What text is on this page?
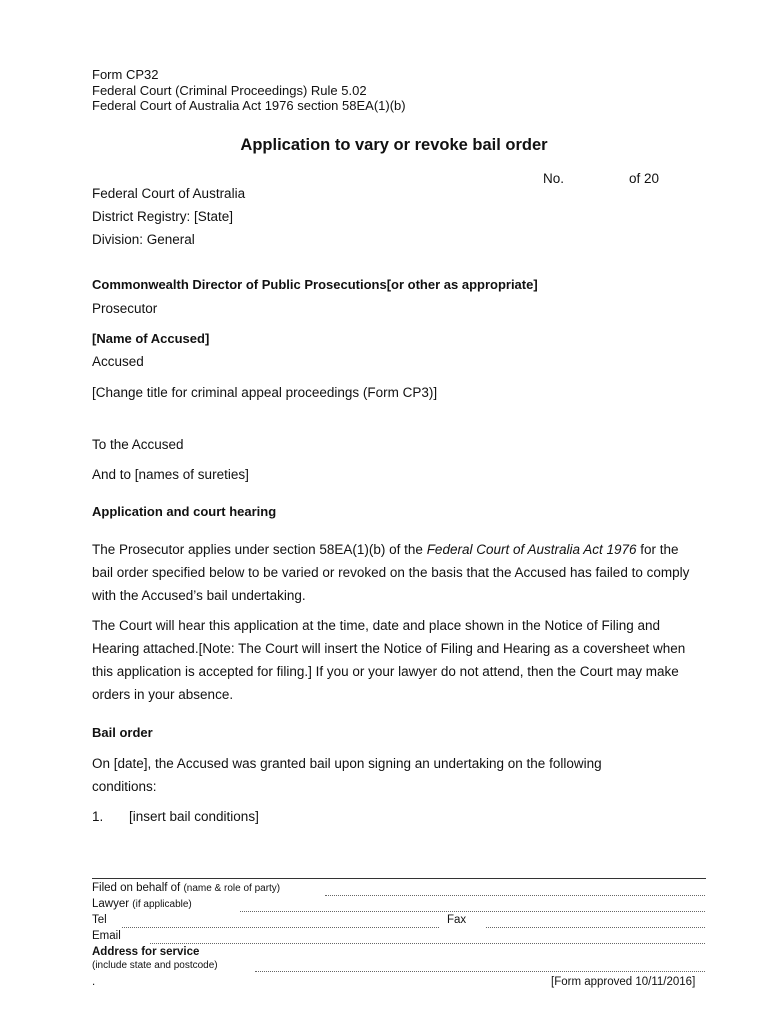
Form CP32
Federal Court (Criminal Proceedings) Rule 5.02
Federal Court of Australia Act 1976 section 58EA(1)(b)
Application to vary or revoke bail order
No.	of 20
Federal Court of Australia
District Registry: [State]
Division: General
Commonwealth Director of Public Prosecutions[or other as appropriate]
Prosecutor
[Name of Accused]
Accused
[Change title for criminal appeal proceedings (Form CP3)]
To the Accused
And to [names of sureties]
Application and court hearing
The Prosecutor applies under section 58EA(1)(b) of the Federal Court of Australia Act 1976 for the bail order specified below to be varied or revoked on the basis that the Accused has failed to comply with the Accused’s bail undertaking.
The Court will hear this application at the time, date and place shown in the Notice of Filing and Hearing attached.[Note: The Court will insert the Notice of Filing and Hearing as a coversheet when this application is accepted for filing.] If you or your lawyer do not attend, then the Court may make orders in your absence.
Bail order
On [date], the Accused was granted bail upon signing an undertaking on the following conditions:
1. [insert bail conditions]
Filed on behalf of (name & role of party)
Lawyer (if applicable)
Tel	Fax
Email
Address for service
(include state and postcode)
.	[Form approved 10/11/2016]
